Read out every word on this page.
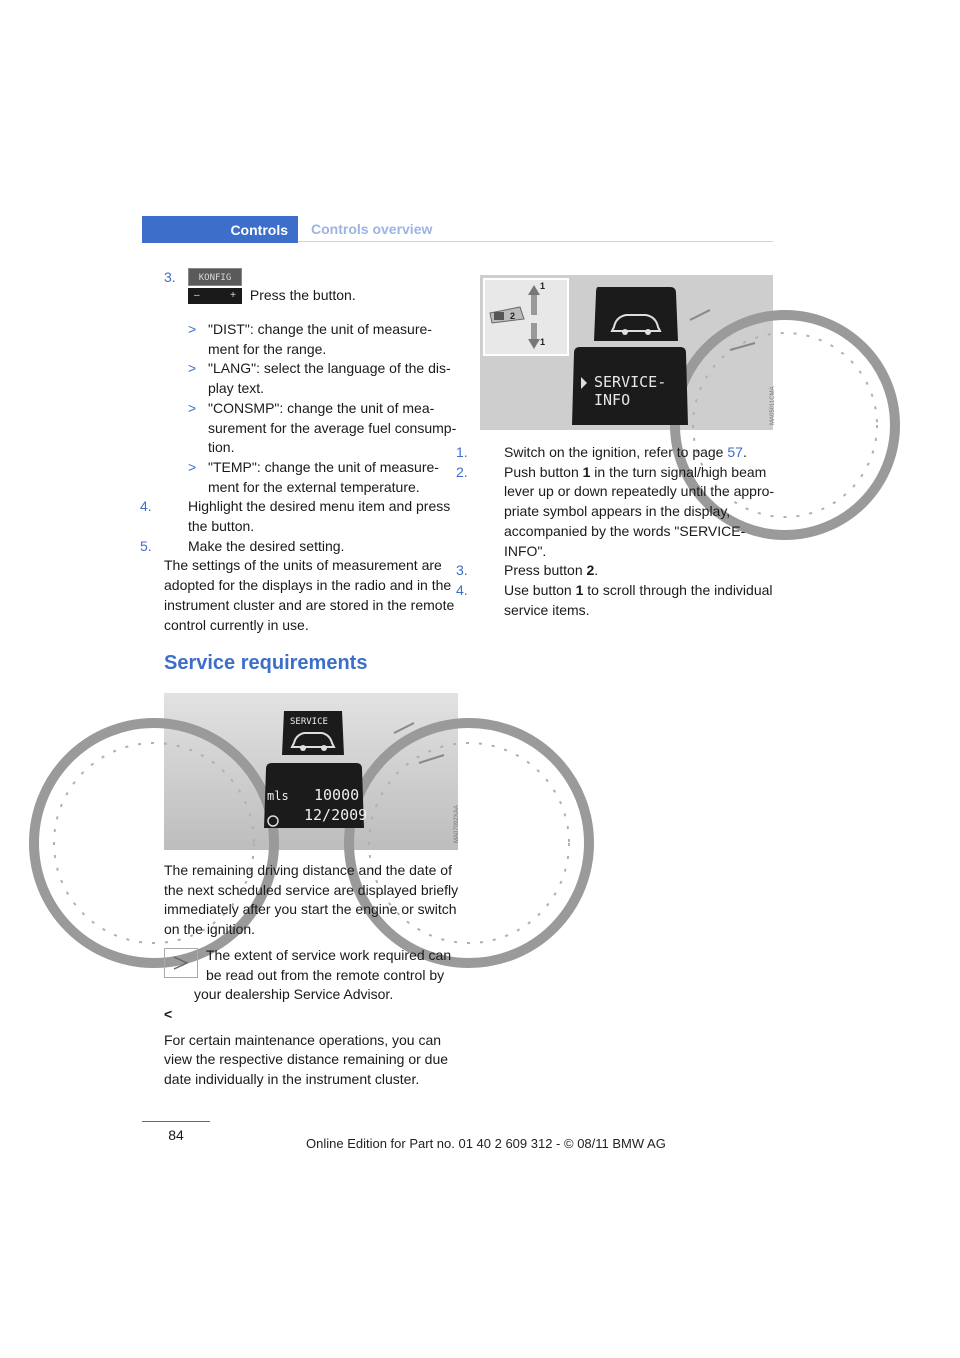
Controls Controls overview
3.	KONFIG
–	+ Press the button.

> "DIST": change the unit of measure-ment for the range.

> "LANG": select the language of the dis-play text.

> "CONSMP": change the unit of mea-surement for the average fuel consump-tion.

> "TEMP": change the unit of measure-ment for the external temperature.

4.	Highlight the desired menu item and press the button.

5.	Make the desired setting.

The settings of the units of measurement are adopted for the displays in the radio and in the instrument cluster and are stored in the remote control currently in use.

Service requirements
SERVICE
mls 10000
12/2009	MA07092XAA

The remaining driving distance and the date of the next scheduled service are displayed briefly immediately after you start the engine or switch on the ignition.

The extent of service work required can be read out from the remote control by your dealership Service Advisor.
<

For certain maintenance operations, you can view the respective distance remaining or due date individually in the instrument cluster.

1
2
1
SERVICE-
INFO	MA05011CMA

1.	Switch on the ignition, refer to page 57.

2.	Push button 1 in the turn signal/high beam lever up or down repeatedly until the appro-priate symbol appears in the display, accompanied by the words "SERVICE-INFO".

3.	Press button 2.

4.	Use button 1 to scroll through the individual service items.

84
Online Edition for Part no. 01 40 2 609 312 - © 08/11 BMW AG
